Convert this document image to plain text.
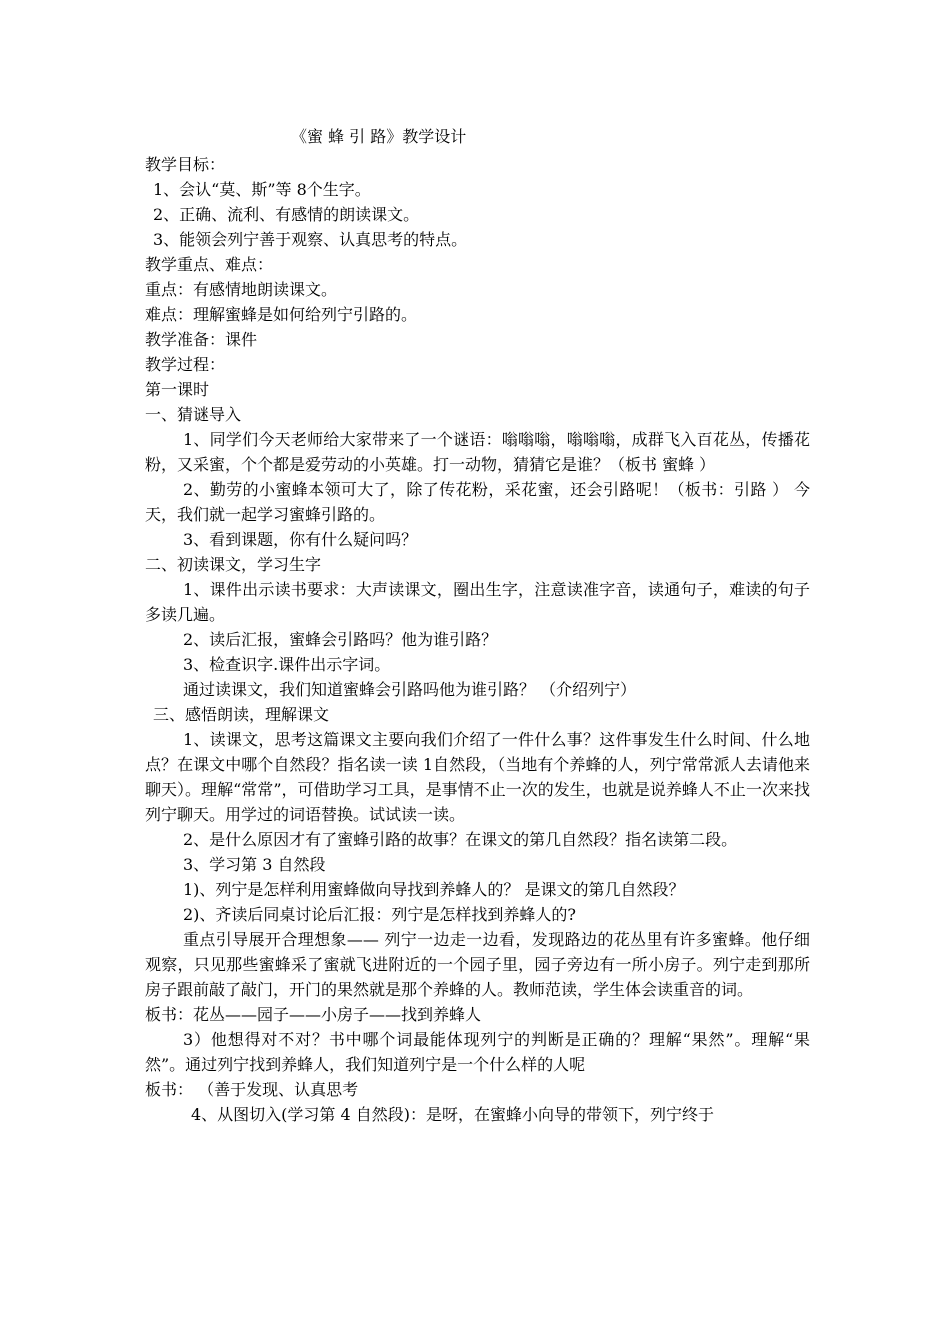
《蜜 蜂 引 路》教学设计

教学目标：

1、会认“莫、斯”等 8个生字。

2、正确、流利、有感情的朗读课文。

3、能领会列宁善于观察、认真思考的特点。

教学重点、难点：

重点：有感情地朗读课文。

难点：理解蜜蜂是如何给列宁引路的。

教学准备：课件

教学过程：

第一课时

一、猜谜导入

1、同学们今天老师给大家带来了一个谜语：嗡嗡嗡，嗡嗡嗡，成群飞入百花丛，传播花粉，又采蜜，个个都是爱劳动的小英雄。打一动物，猜猜它是谁？（板书 蜜蜂 ）

2、勤劳的小蜜蜂本领可大了，除了传花粉，采花蜜，还会引路呢！（板书：引路 ） 今天，我们就一起学习蜜蜂引路的。

3、看到课题，你有什么疑问吗？

二、初读课文，学习生字

1、课件出示读书要求：大声读课文，圈出生字，注意读准字音，读通句子，难读的句子多读几遍。

2、读后汇报，蜜蜂会引路吗？他为谁引路？

3、检查识字.课件出示字词。

通过读课文，我们知道蜜蜂会引路吗他为谁引路？ （介绍列宁）

三、感悟朗读，理解课文

1、读课文，思考这篇课文主要向我们介绍了一件什么事？这件事发生什么时间、什么地点？在课文中哪个自然段？指名读一读 1自然段，（当地有个养蜂的人，列宁常常派人去请他来聊天）。理解“常常”，可借助学习工具，是事情不止一次的发生，也就是说养蜂人不止一次来找列宁聊天。用学过的词语替换。试试读一读。

2、是什么原因才有了蜜蜂引路的故事？在课文的第几自然段？指名读第二段。

3、学习第 3 自然段

1)、列宁是怎样利用蜜蜂做向导找到养蜂人的？ 是课文的第几自然段？

2)、齐读后同桌讨论后汇报：列宁是怎样找到养蜂人的?

重点引导展开合理想象—— 列宁一边走一边看，发现路边的花丛里有许多蜜蜂。他仔细观察，只见那些蜜蜂采了蜜就飞进附近的一个园子里，园子旁边有一所小房子。列宁走到那所房子跟前敲了敲门，开门的果然就是那个养蜂的人。教师范读，学生体会读重音的词。

板书：花丛——园子——小房子——找到养蜂人

3）他想得对不对？书中哪个词最能体现列宁的判断是正确的？理解“果然”。理解“果然”。通过列宁找到养蜂人，我们知道列宁是一个什么样的人呢

板书： （善于发现、认真思考

4、从图切入(学习第 4 自然段)：是呀，在蜜蜂小向导的带领下，列宁终于
